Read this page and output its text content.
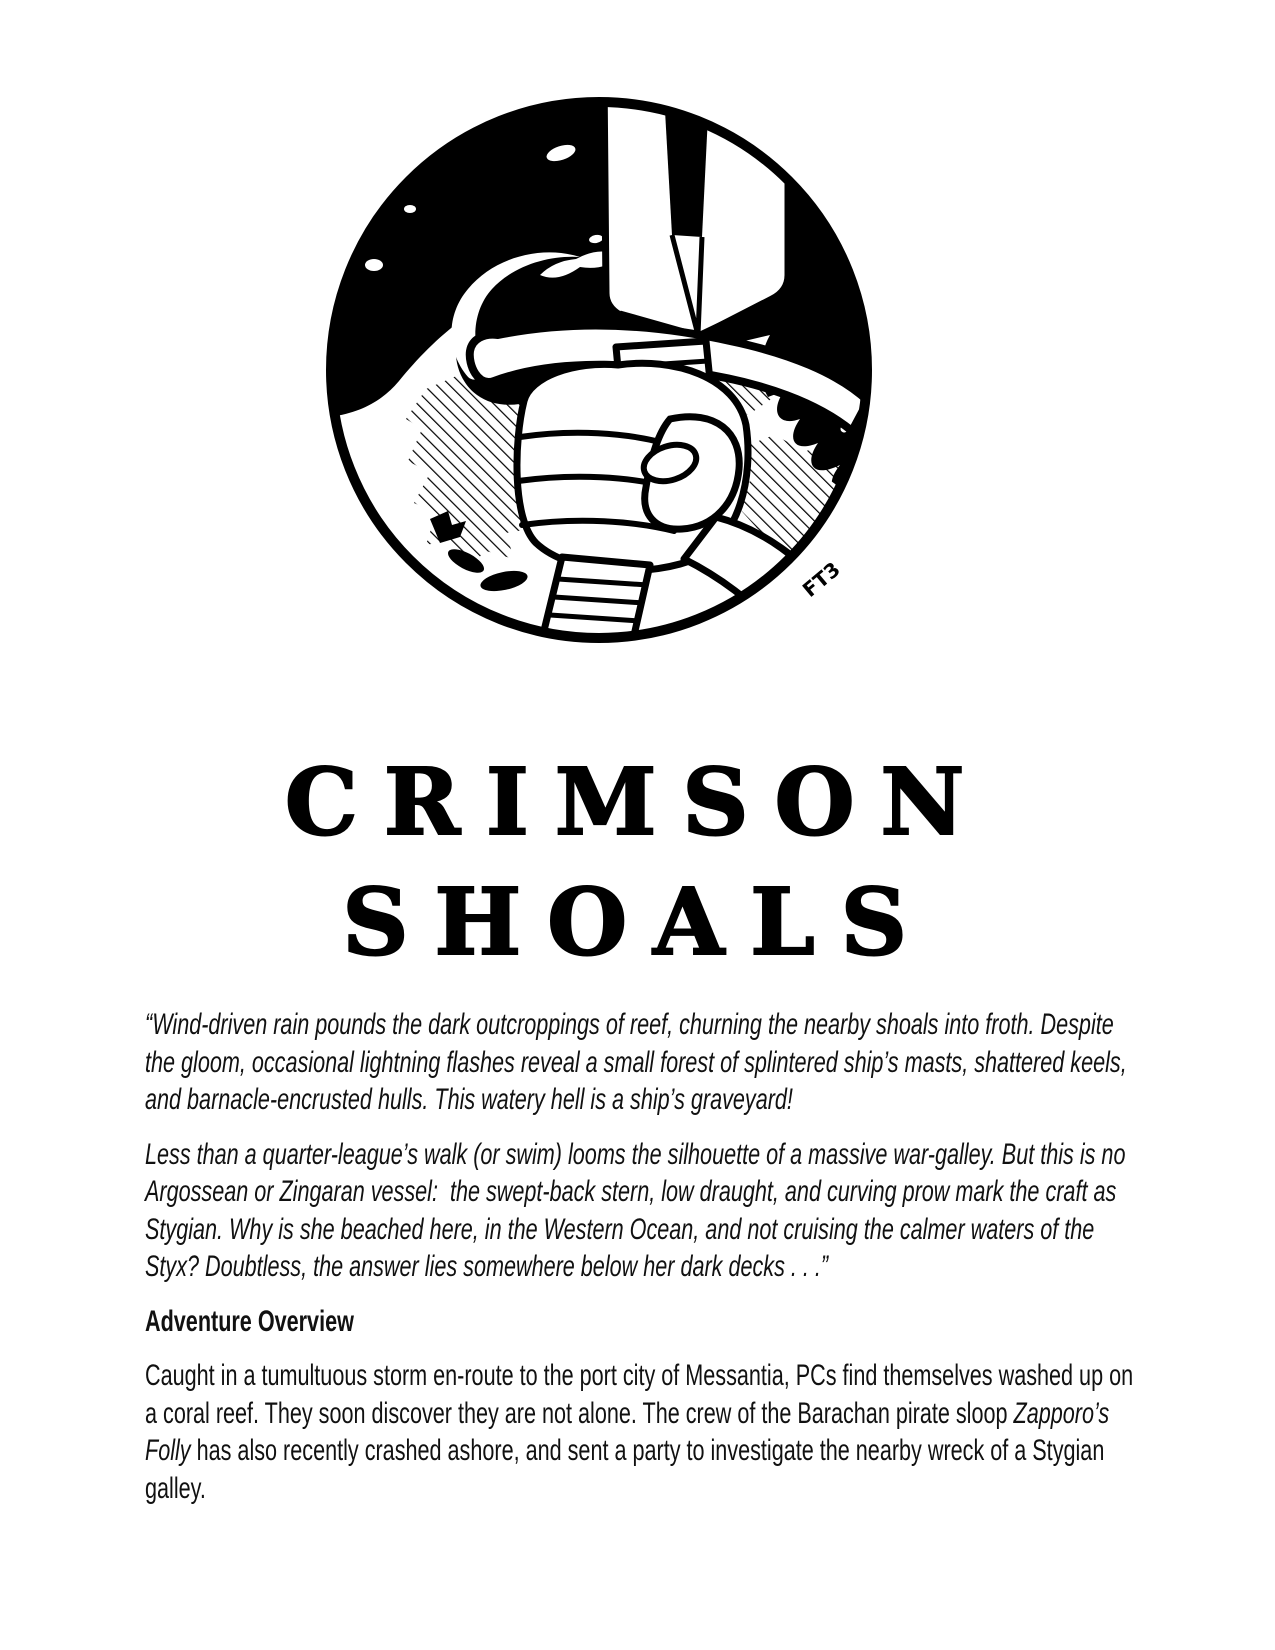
FT3
CRIMSON
SHOALS

“Wind-driven rain pounds the dark outcroppings of reef, churning the nearby shoals into froth. Despite the gloom, occasional lightning flashes reveal a small forest of splintered ship’s masts, shattered keels, and barnacle-encrusted hulls. This watery hell is a ship’s graveyard!

Less than a quarter-league’s walk (or swim) looms the silhouette of a massive war-galley. But this is no Argossean or Zingaran vessel:  the swept-back stern, low draught, and curving prow mark the craft as Stygian. Why is she beached here, in the Western Ocean, and not cruising the calmer waters of the Styx? Doubtless, the answer lies somewhere below her dark decks . . .”

Adventure Overview

Caught in a tumultuous storm en-route to the port city of Messantia, PCs find themselves washed up on a coral reef. They soon discover they are not alone. The crew of the Barachan pirate sloop Zapporo’s Folly has also recently crashed ashore, and sent a party to investigate the nearby wreck of a Stygian galley.
